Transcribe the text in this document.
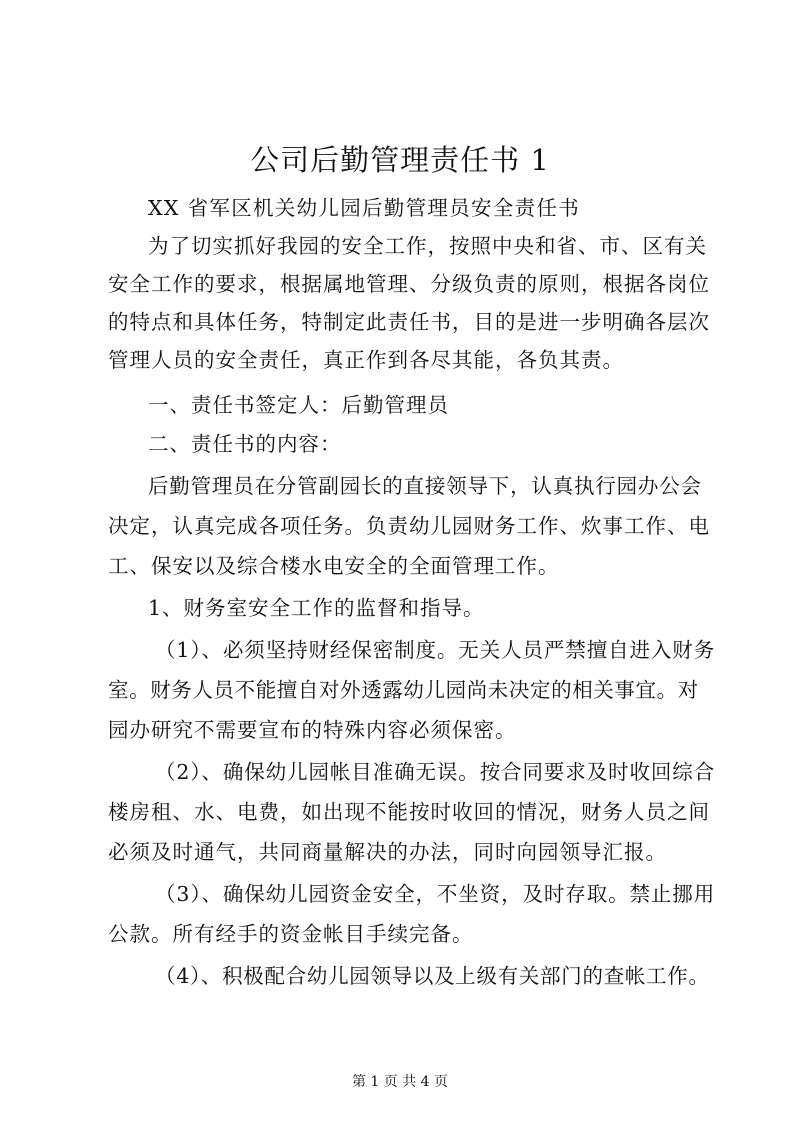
公司后勤管理责任书 1
XX 省军区机关幼儿园后勤管理员安全责任书
为了切实抓好我园的安全工作，按照中央和省、市、区有关
安全工作的要求，根据属地管理、分级负责的原则，根据各岗位
的特点和具体任务，特制定此责任书，目的是进一步明确各层次
管理人员的安全责任，真正作到各尽其能，各负其责。
一、责任书签定人：后勤管理员
二、责任书的内容：
后勤管理员在分管副园长的直接领导下，认真执行园办公会
决定，认真完成各项任务。负责幼儿园财务工作、炊事工作、电
工、保安以及综合楼水电安全的全面管理工作。
1、财务室安全工作的监督和指导。
（1）、必须坚持财经保密制度。无关人员严禁擅自进入财务
室。财务人员不能擅自对外透露幼儿园尚未决定的相关事宜。对
园办研究不需要宣布的特殊内容必须保密。
（2）、确保幼儿园帐目准确无误。按合同要求及时收回综合
楼房租、水、电费，如出现不能按时收回的情况，财务人员之间
必须及时通气，共同商量解决的办法，同时向园领导汇报。
（3）、确保幼儿园资金安全，不坐资，及时存取。禁止挪用
公款。所有经手的资金帐目手续完备。
（4）、积极配合幼儿园领导以及上级有关部门的查帐工作。
第 1 页 共 4 页
